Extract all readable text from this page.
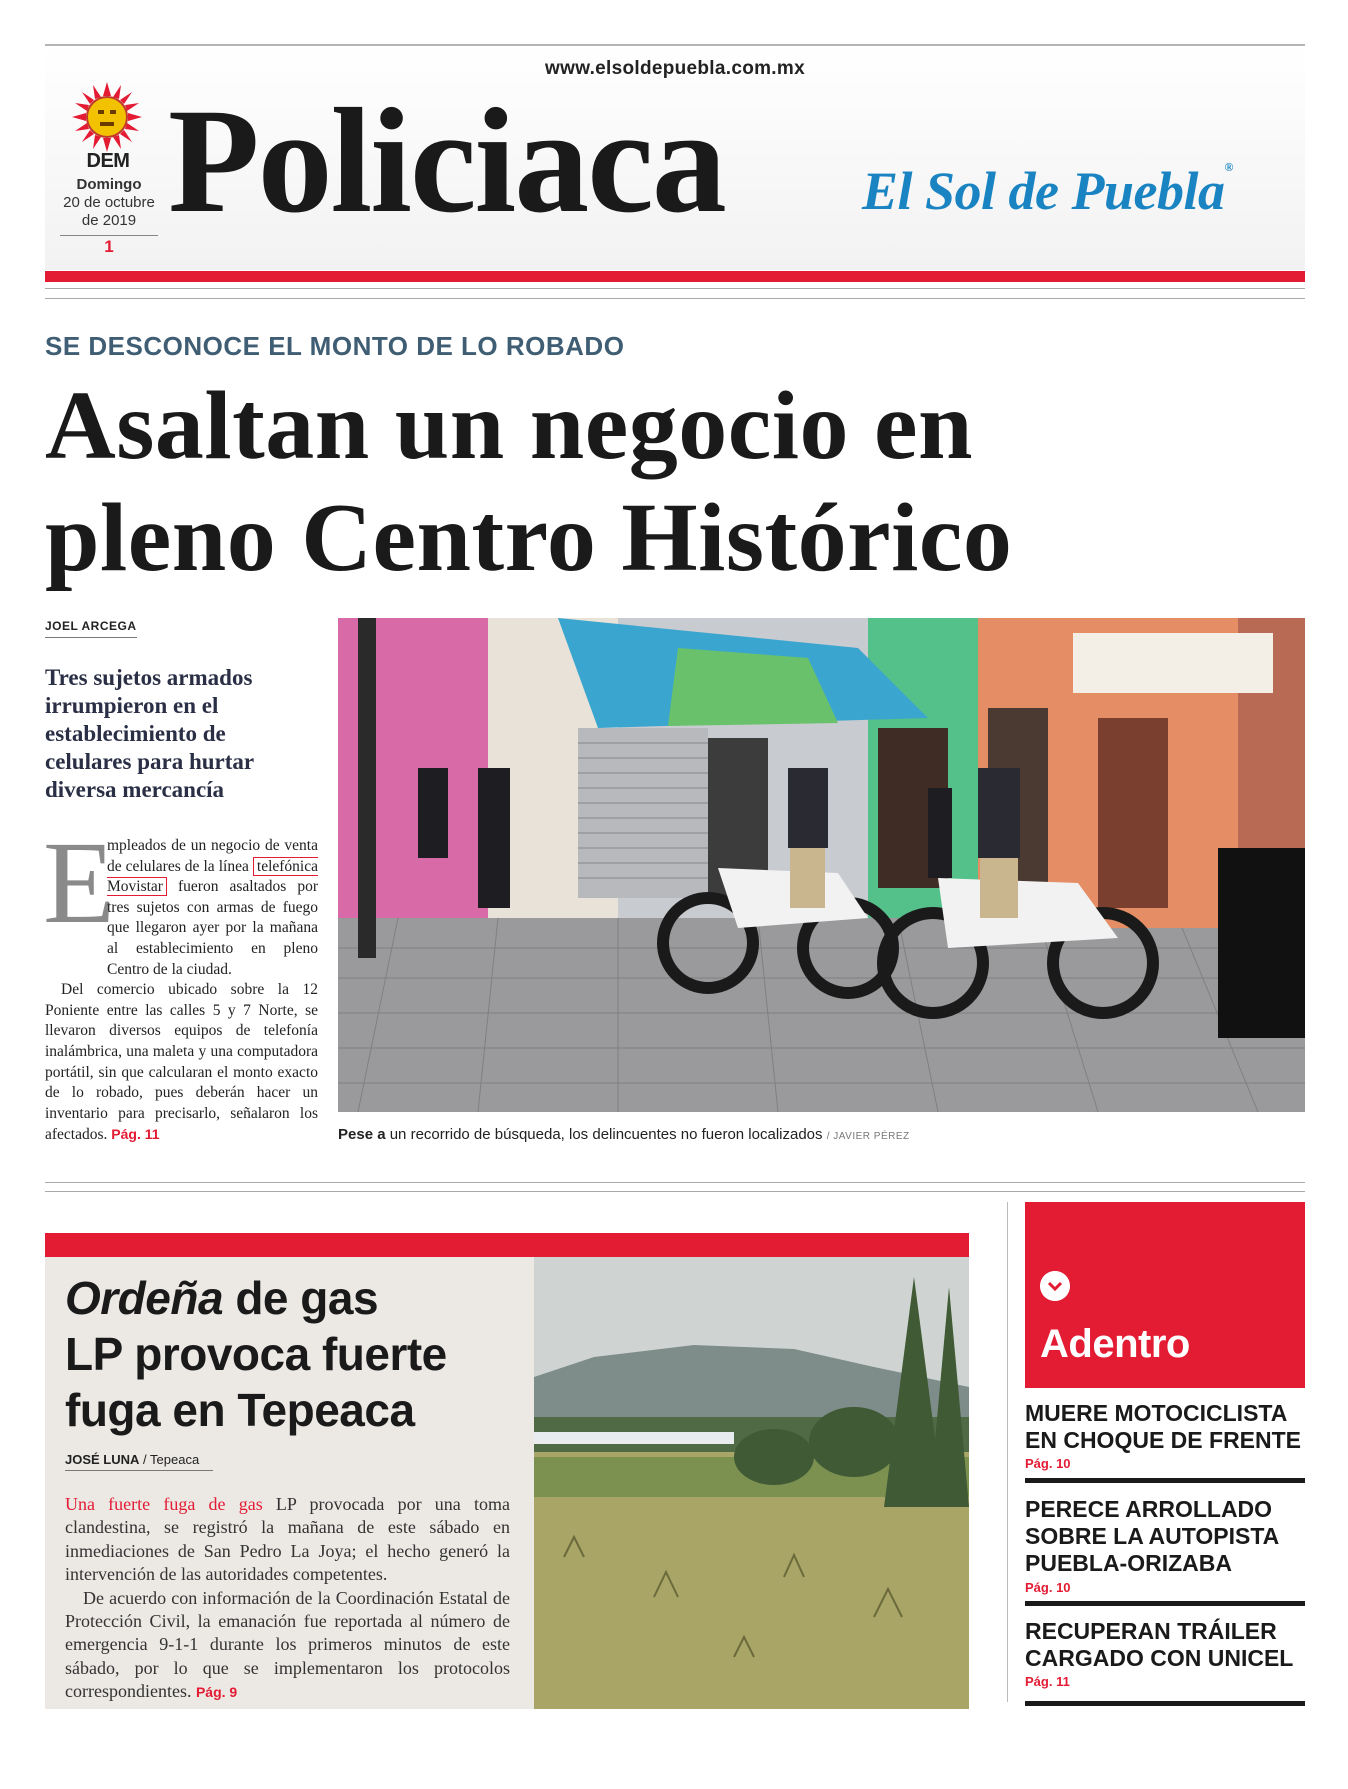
www.elsoldepuebla.com.mx
DEM
Domingo
20 de octubre
de 2019
1
Policiaca	El Sol de Puebla®
SE DESCONOCE EL MONTO DE LO ROBADO
Asaltan un negocio en
pleno Centro Histórico
JOEL ARCEGA
Tres sujetos armados irrumpieron en el establecimiento de celulares para hurtar diversa mercancía
E
mpleados de un negocio de venta de celulares de la línea telefónica Movistar fueron asaltados por tres sujetos con armas de fuego que llegaron ayer por la mañana al establecimiento en pleno Centro de la ciudad.
Del comercio ubicado sobre la 12 Poniente entre las calles 5 y 7 Norte, se llevaron diversos equipos de telefonía inalámbrica, una maleta y una computadora portátil, sin que calcularan el monto exacto de lo robado, pues deberán hacer un inventario para precisarlo, señalaron los afectados. Pág. 11	Pese a un recorrido de búsqueda, los delincuentes no fueron localizados / JAVIER PÉREZ
Ordeña de gas
LP provoca fuerte
fuga en Tepeaca
JOSÉ LUNA / Tepeaca

Una fuerte fuga de gas LP provocada por una toma clandestina, se registró la mañana de este sábado en inmediaciones de San Pedro La Joya; el hecho generó la intervención de las autoridades competentes.

De acuerdo con información de la Coordinación Estatal de Protección Civil, la emanación fue reportada al número de emergencia 9-1-1 durante los primeros minutos de este sábado, por lo que se implementaron los protocolos correspondientes. Pág. 9

Adentro
MUERE MOTOCICLISTA EN CHOQUE DE FRENTE
Pág. 10
PERECE ARROLLADO SOBRE LA AUTOPISTA PUEBLA-ORIZABA
Pág. 10
RECUPERAN TRÁILER CARGADO CON UNICEL
Pág. 11
